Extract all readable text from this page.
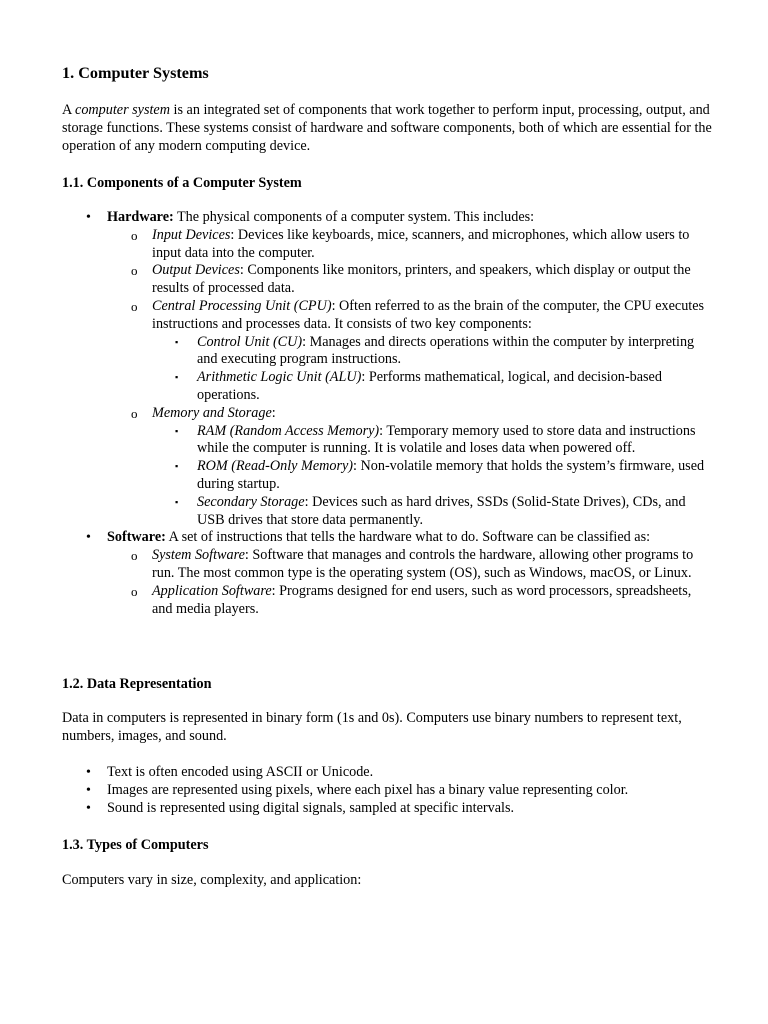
1. Computer Systems

A computer system is an integrated set of components that work together to perform input, processing, output, and storage functions. These systems consist of hardware and software components, both of which are essential for the operation of any modern computing device.

1.1. Components of a Computer System
• Hardware: The physical components of a computer system. This includes:
o Input Devices: Devices like keyboards, mice, scanners, and microphones, which allow users to input data into the computer.
o Output Devices: Components like monitors, printers, and speakers, which display or output the results of processed data.
o Central Processing Unit (CPU): Often referred to as the brain of the computer, the CPU executes instructions and processes data. It consists of two key components:
▪ Control Unit (CU): Manages and directs operations within the computer by interpreting and executing program instructions.
▪ Arithmetic Logic Unit (ALU): Performs mathematical, logical, and decision-based operations.
o Memory and Storage:
▪ RAM (Random Access Memory): Temporary memory used to store data and instructions while the computer is running. It is volatile and loses data when powered off.
▪ ROM (Read-Only Memory): Non-volatile memory that holds the system’s firmware, used during startup.
▪ Secondary Storage: Devices such as hard drives, SSDs (Solid-State Drives), CDs, and USB drives that store data permanently.
• Software: A set of instructions that tells the hardware what to do. Software can be classified as:
o System Software: Software that manages and controls the hardware, allowing other programs to run. The most common type is the operating system (OS), such as Windows, macOS, or Linux.
o Application Software: Programs designed for end users, such as word processors, spreadsheets, and media players.
1.2. Data Representation

Data in computers is represented in binary form (1s and 0s). Computers use binary numbers to represent text, numbers, images, and sound.

• Text is often encoded using ASCII or Unicode.
• Images are represented using pixels, where each pixel has a binary value representing color.
• Sound is represented using digital signals, sampled at specific intervals.
1.3. Types of Computers

Computers vary in size, complexity, and application:
